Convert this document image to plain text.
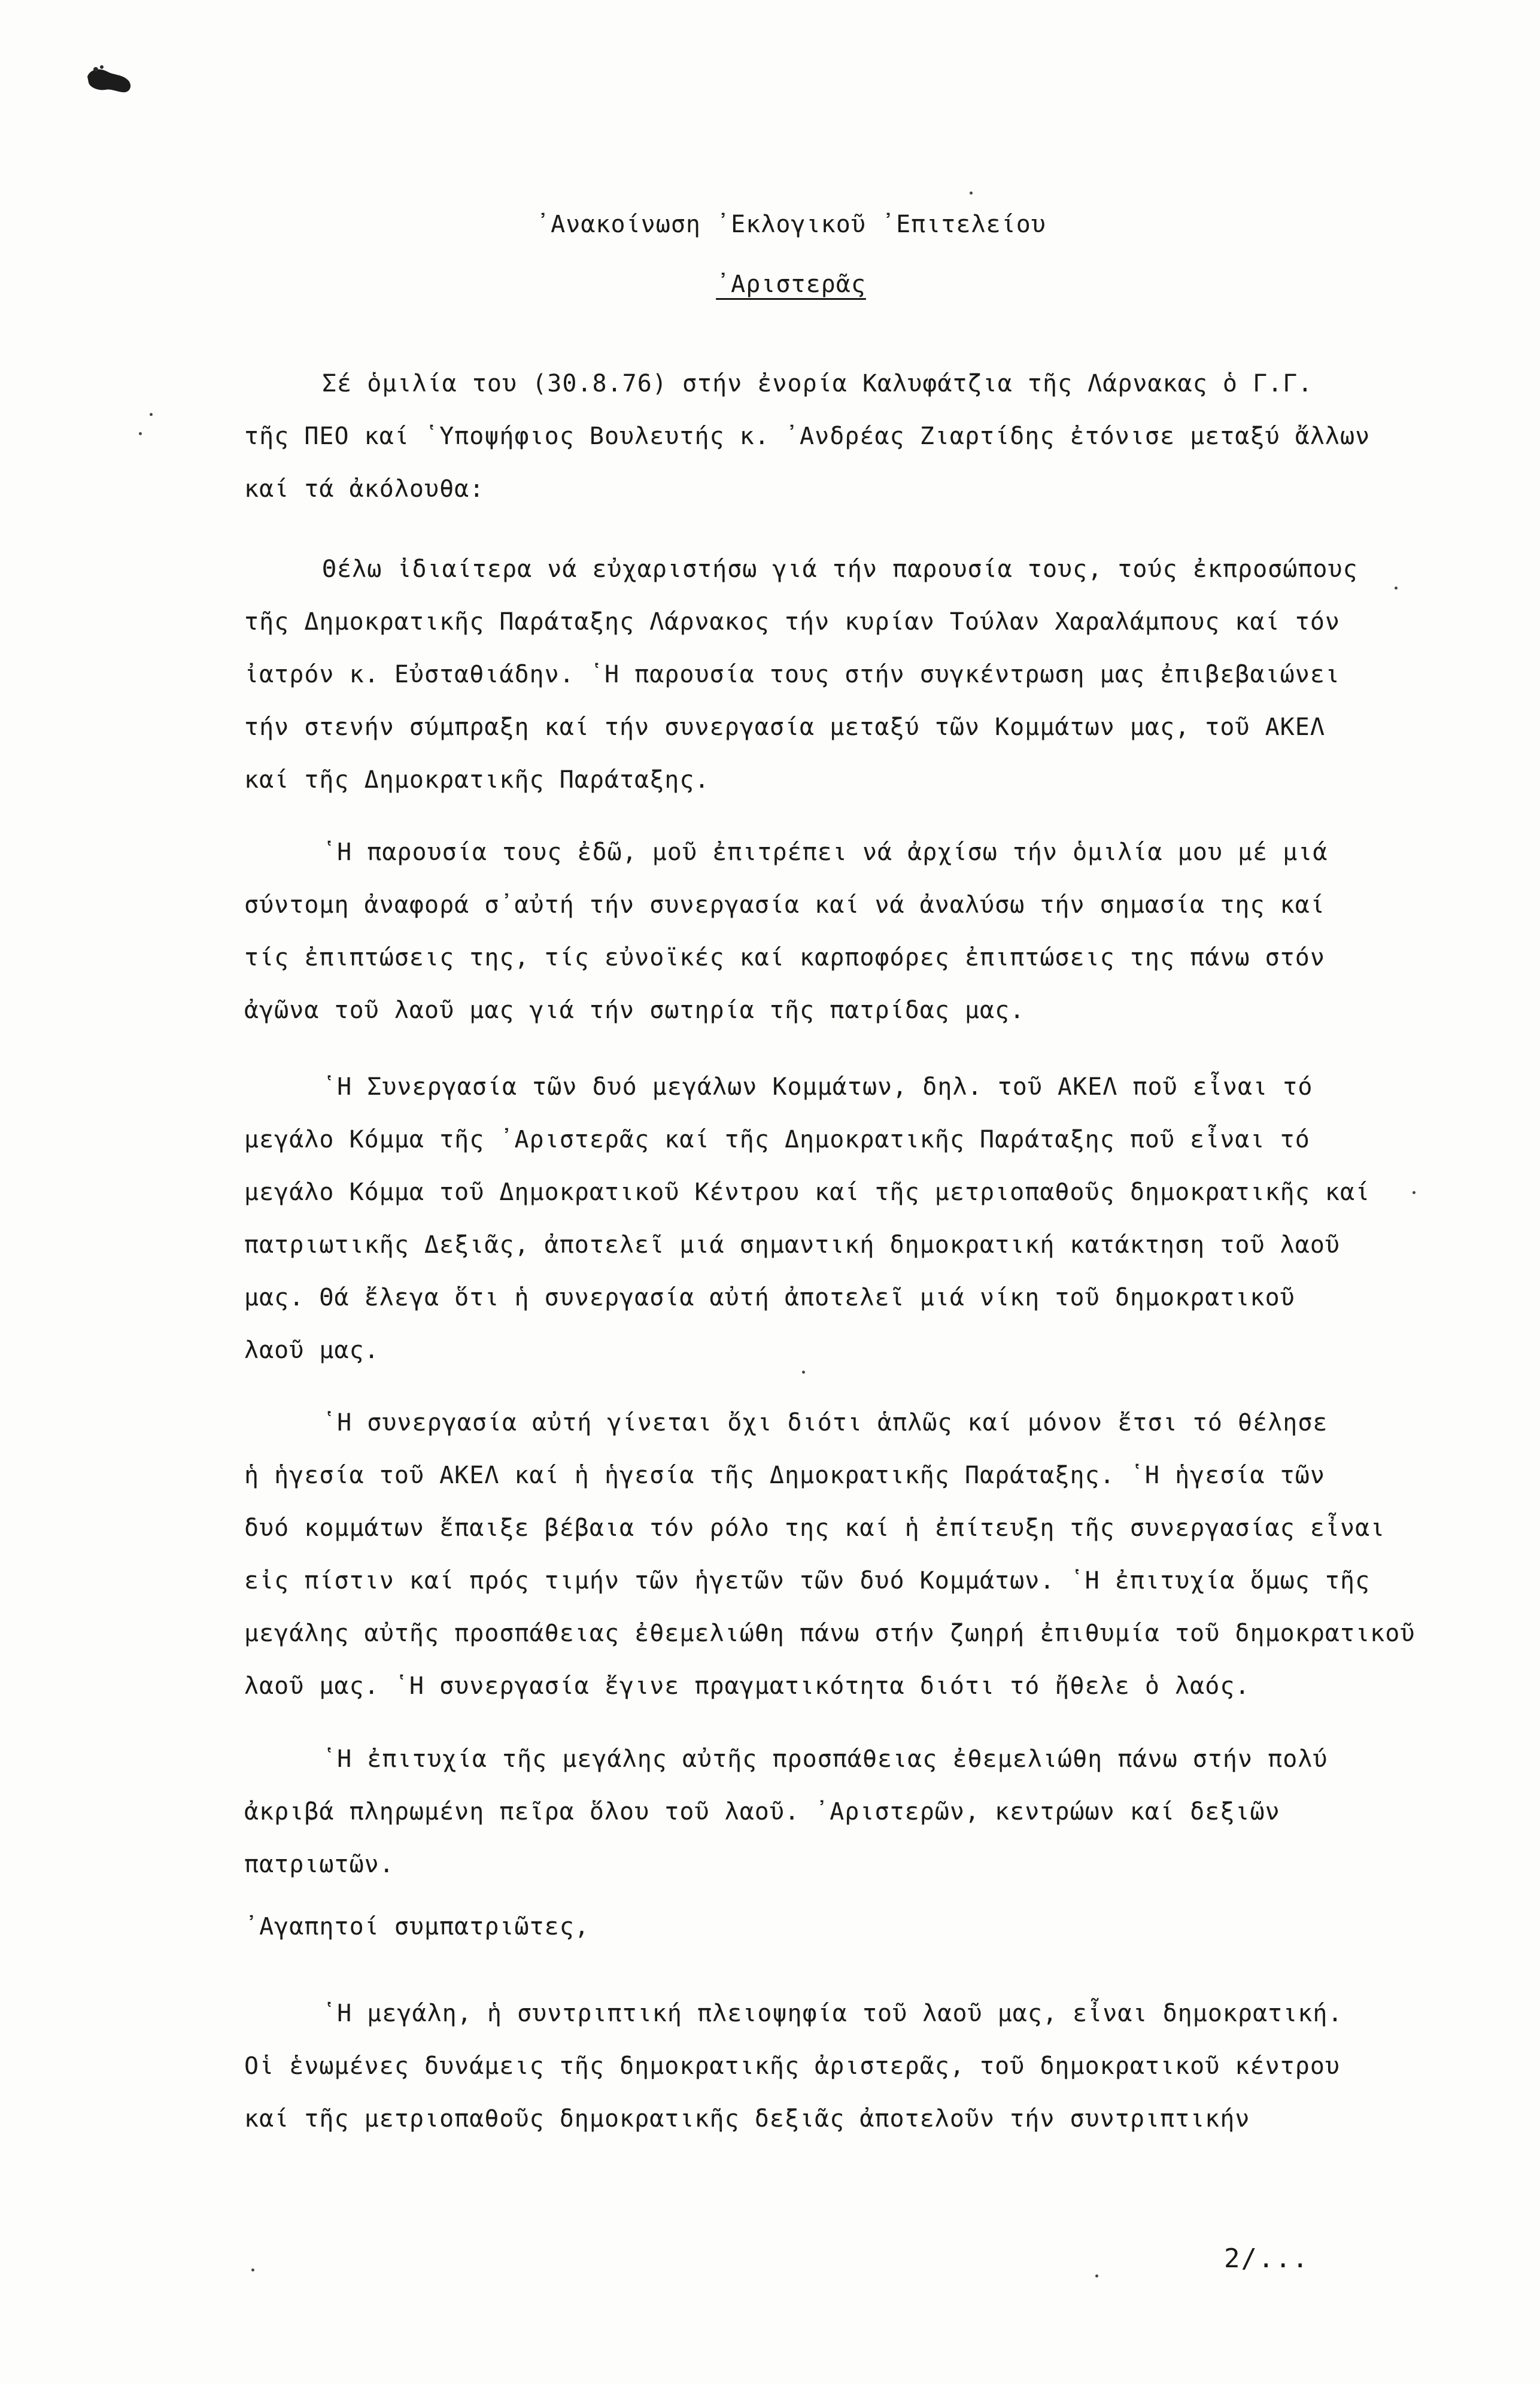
᾿Ανακοίνωση ᾿Εκλογικοῦ ᾿Επιτελείου
᾿Αριστερᾶς
Σέ ὁμιλία του (30.8.76) στήν ἐνορία Καλυφάτζια τῆς Λάρνακας ὁ Γ.Γ.
τῆς ΠΕΟ καί ῾Υποψήφιος Βουλευτής κ. ᾿Ανδρέας Ζιαρτίδης ἐτόνισε μεταξύ ἄλλων
καί τά ἀκόλουθα:
Θέλω ἰδιαίτερα νά εὐχαριστήσω γιά τήν παρουσία τους, τούς ἐκπροσώπους
τῆς Δημοκρατικῆς Παράταξης Λάρνακος τήν κυρίαν Τούλαν Χαραλάμπους καί τόν
ἰατρόν κ. Εὐσταθιάδην. ῾Η παρουσία τους στήν συγκέντρωση μας ἐπιβεβαιώνει
τήν στενήν σύμπραξη καί τήν συνεργασία μεταξύ τῶν Κομμάτων μας, τοῦ ΑΚΕΛ
καί τῆς Δημοκρατικῆς Παράταξης.
῾Η παρουσία τους ἐδῶ, μοῦ ἐπιτρέπει νά ἀρχίσω τήν ὁμιλία μου μέ μιά
σύντομη ἀναφορά σ᾿αὐτή τήν συνεργασία καί νά ἀναλύσω τήν σημασία της καί
τίς ἐπιπτώσεις της, τίς εὐνοϊκές καί καρποφόρες ἐπιπτώσεις της πάνω στόν
ἀγῶνα τοῦ λαοῦ μας γιά τήν σωτηρία τῆς πατρίδας μας.
῾Η Συνεργασία τῶν δυό μεγάλων Κομμάτων, δηλ. τοῦ ΑΚΕΛ ποῦ εἶναι τό
μεγάλο Κόμμα τῆς ᾿Αριστερᾶς καί τῆς Δημοκρατικῆς Παράταξης ποῦ εἶναι τό
μεγάλο Κόμμα τοῦ Δημοκρατικοῦ Κέντρου καί τῆς μετριοπαθοῦς δημοκρατικῆς καί
πατριωτικῆς Δεξιᾶς, ἀποτελεῖ μιά σημαντική δημοκρατική κατάκτηση τοῦ λαοῦ
μας. Θά ἔλεγα ὅτι ἡ συνεργασία αὐτή ἀποτελεῖ μιά νίκη τοῦ δημοκρατικοῦ
λαοῦ μας.
῾Η συνεργασία αὐτή γίνεται ὄχι διότι ἁπλῶς καί μόνον ἔτσι τό θέλησε
ἡ ἡγεσία τοῦ ΑΚΕΛ καί ἡ ἡγεσία τῆς Δημοκρατικῆς Παράταξης. ῾Η ἡγεσία τῶν
δυό κομμάτων ἔπαιξε βέβαια τόν ρόλο της καί ἡ ἐπίτευξη τῆς συνεργασίας εἶναι
εἰς πίστιν καί πρός τιμήν τῶν ἡγετῶν τῶν δυό Κομμάτων. ῾Η ἐπιτυχία ὅμως τῆς
μεγάλης αὐτῆς προσπάθειας ἐθεμελιώθη πάνω στήν ζωηρή ἐπιθυμία τοῦ δημοκρατικοῦ
λαοῦ μας. ῾Η συνεργασία ἔγινε πραγματικότητα διότι τό ἤθελε ὁ λαός.
῾Η ἐπιτυχία τῆς μεγάλης αὐτῆς προσπάθειας ἐθεμελιώθη πάνω στήν πολύ
ἀκριβά πληρωμένη πεῖρα ὅλου τοῦ λαοῦ. ᾿Αριστερῶν, κεντρώων καί δεξιῶν
πατριωτῶν.
᾿Αγαπητοί συμπατριῶτες,
῾Η μεγάλη, ἡ συντριπτική πλειοψηφία τοῦ λαοῦ μας, εἶναι δημοκρατική.
Οἱ ἑνωμένες δυνάμεις τῆς δημοκρατικῆς ἀριστερᾶς, τοῦ δημοκρατικοῦ κέντρου
καί τῆς μετριοπαθοῦς δημοκρατικῆς δεξιᾶς ἀποτελοῦν τήν συντριπτικήν
2/...
